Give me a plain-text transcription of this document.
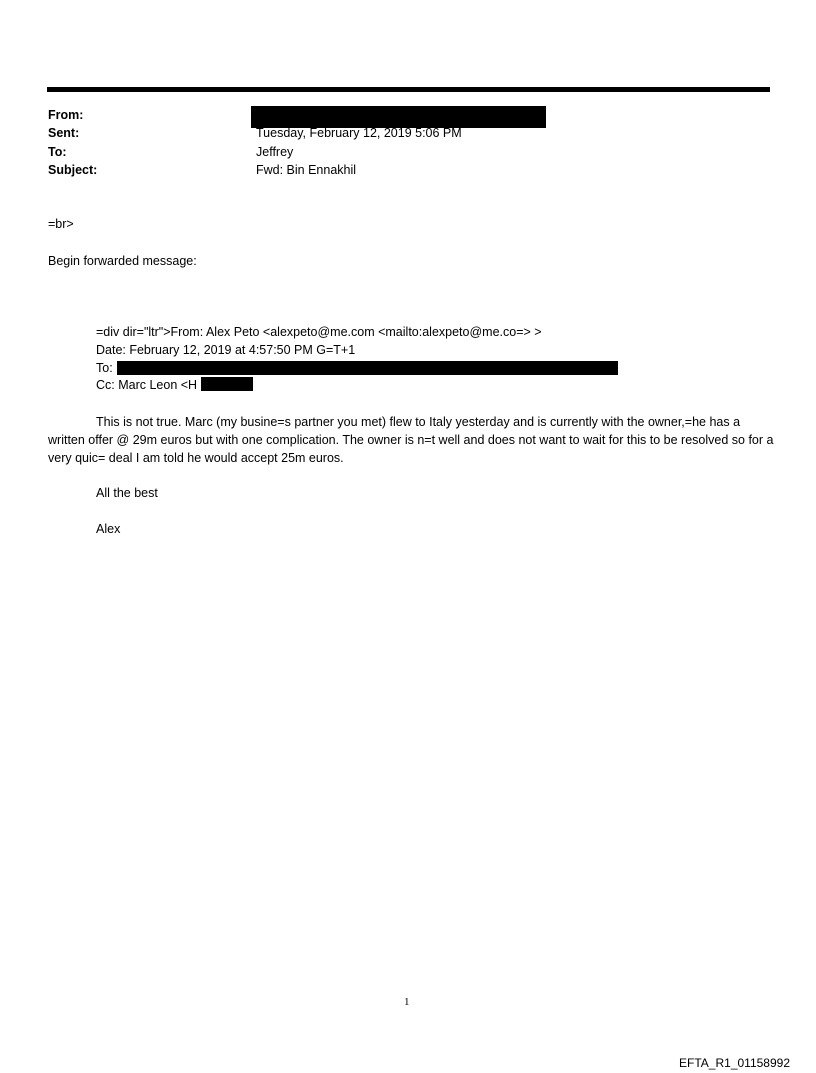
From:
Sent:	Tuesday, February 12, 2019 5:06 PM
To:	Jeffrey
Subject:	Fwd: Bin Ennakhil
=br>
Begin forwarded message:
=div dir="ltr">From: Alex Peto <alexpeto@me.com <mailto:alexpeto@me.co=> >
Date: February 12, 2019 at 4:57:50 PM G=T+1
To:
Cc: Marc Leon <H
This is not true. Marc (my busine=s partner you met) flew to Italy yesterday and is currently with the owner,=he has a written offer @ 29m euros but with one complication. The owner is n=t well and does not want to wait for this to be resolved so for a very quic= deal I am told he would accept 25m euros.
All the best
Alex
1
EFTA_R1_01158992
